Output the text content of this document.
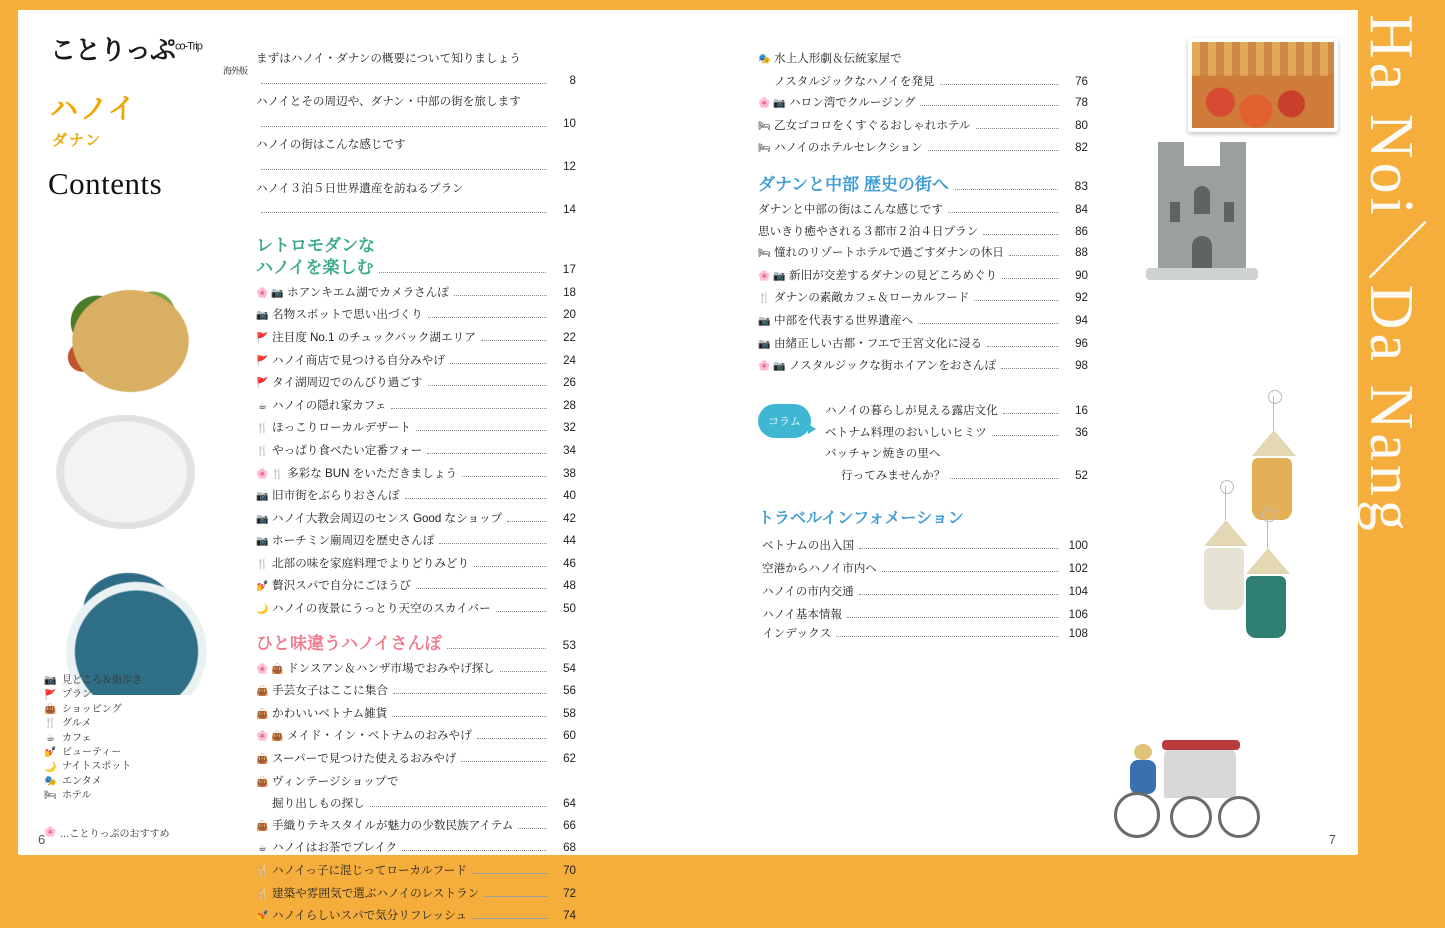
ことりっぷ$^{co-Trip}$
海外版
ハノイ
ダナン
Contents
📷 見どころ＆街歩き
🚩 プラン
👜 ショッピング
🍴 グルメ
☕ カフェ
💅 ビューティー
🌙 ナイトスポット
🎭 エンタメ
🛏 ホテル
🌸 …ことりっぷのおすすめ
まずはハノイ・ダナンの概要について知りましょう
8
ハノイとその周辺や、ダナン・中部の街を旅します
10
ハノイの街はこんな感じです
12
ハノイ３泊５日世界遺産を訪ねるプラン
14
レトロモダンな
ハノイを楽しむ	17
🌸 📷 ホアンキエム湖でカメラさんぽ	18
📷 名物スポットで思い出づくり	20
🚩 注目度 No.1 のチュックバック湖エリア	22
🚩 ハノイ商店で見つける自分みやげ	24
🚩 タイ湖周辺でのんびり過ごす	26
☕ ハノイの隠れ家カフェ	28
🍴 ほっこりローカルデザート	32
🍴 やっぱり食べたい定番フォー	34
🌸 🍴 多彩な BUN をいただきましょう	38
📷 旧市街をぶらりおさんぽ	40
📷 ハノイ大教会周辺のセンス Good なショップ	42
📷 ホーチミン廟周辺を歴史さんぽ	44
🍴 北部の味を家庭料理でよりどりみどり	46
💅 贅沢スパで自分にごほうび	48
🌙 ハノイの夜景にうっとり天空のスカイバー	50
ひと味違うハノイさんぽ	53
🌸 👜 ドンスアン＆ハンザ市場でおみやげ探し	54
👜 手芸女子はここに集合	56
👜 かわいいベトナム雑貨	58
🌸 👜 メイド・イン・ベトナムのおみやげ	60
👜 スーパーで見つけた使えるおみやげ	62
👜 ヴィンテージショップで
掘り出しもの探し	64
👜 手織りテキスタイルが魅力の少数民族アイテム	66
☕ ハノイはお茶でブレイク	68
🍴 ハノイっ子に混じってローカルフード	70
🍴 建築や雰囲気で選ぶハノイのレストラン	72
💅 ハノイらしいスパで気分リフレッシュ	74
🎭 水上人形劇＆伝統家屋で
ノスタルジックなハノイを発見	76
🌸 📷 ハロン湾でクルージング	78
🛏 乙女ゴコロをくすぐるおしゃれホテル	80
🛏 ハノイのホテルセレクション	82
ダナンと中部 歴史の街へ	83
ダナンと中部の街はこんな感じです	84
思いきり癒やされる３都市２泊４日プラン	86
🛏 憧れのリゾートホテルで過ごすダナンの休日	88
🌸 📷 新旧が交差するダナンの見どころめぐり	90
🍴 ダナンの素敵カフェ＆ローカルフード	92
📷 中部を代表する世界遺産へ	94
📷 由緒正しい古都・フエで王宮文化に浸る	96
🌸 📷 ノスタルジックな街ホイアンをおさんぽ	98
コラム
ハノイの暮らしが見える露店文化	16
ベトナム料理のおいしいヒミツ	36
バッチャン焼きの里へ
行ってみませんか？	52
トラベルインフォメーション
ベトナムの出入国	100
空港からハノイ市内へ	102
ハノイの市内交通	104
ハノイ基本情報	106
インデックス	108
6	7
Ha Noi／Da Nang
